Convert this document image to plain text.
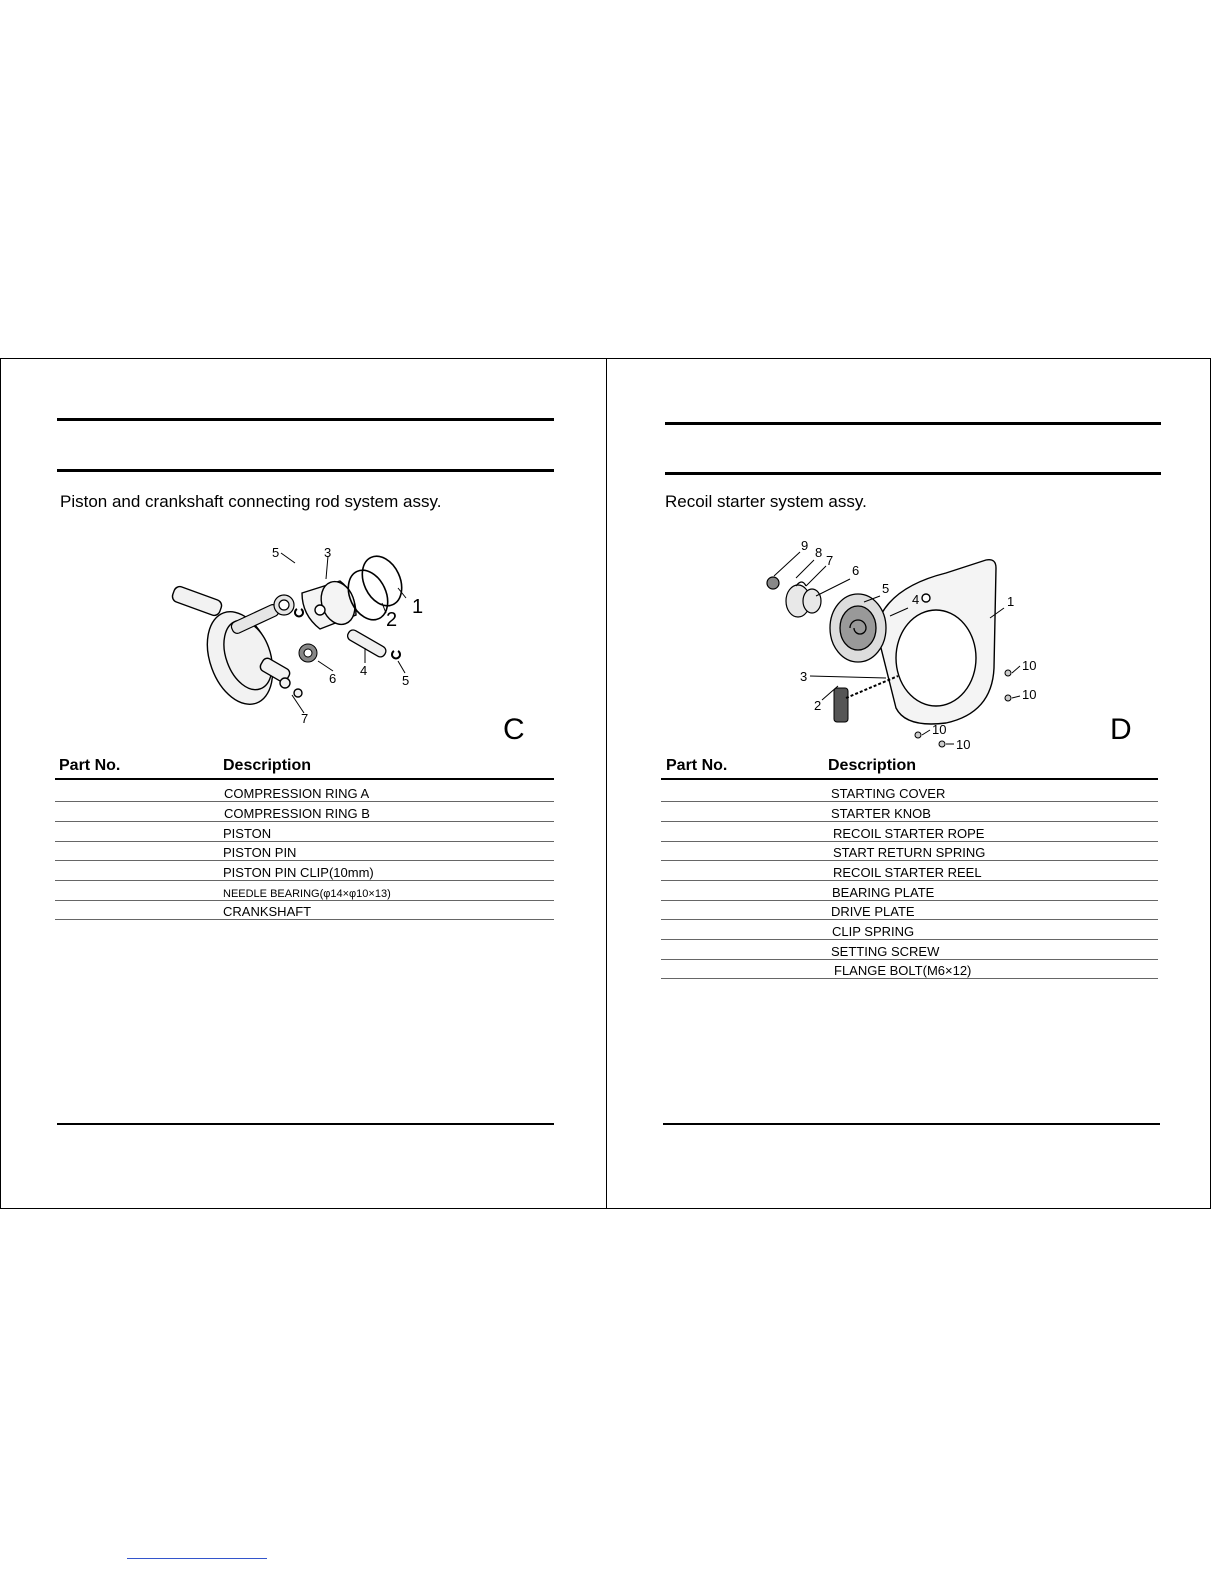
Piston and crankshaft connecting rod system assy.
3
5
1
2
4
6	5
7	C
Part No.	Description
COMPRESSION RING A
COMPRESSION RING B
PISTON
PISTON PIN
PISTON PIN CLIP(10mm)
NEEDLE BEARING(φ14×φ10×13)
CRANKSHAFT
Recoil starter system assy.
9 8
7
6
5
4	1
3
2
10
10
10
10	D
Part No.	Description
STARTING COVER
STARTER KNOB
RECOIL STARTER ROPE
START RETURN SPRING
RECOIL STARTER REEL
BEARING PLATE
DRIVE PLATE
CLIP SPRING
SETTING SCREW
FLANGE BOLT(M6×12)
